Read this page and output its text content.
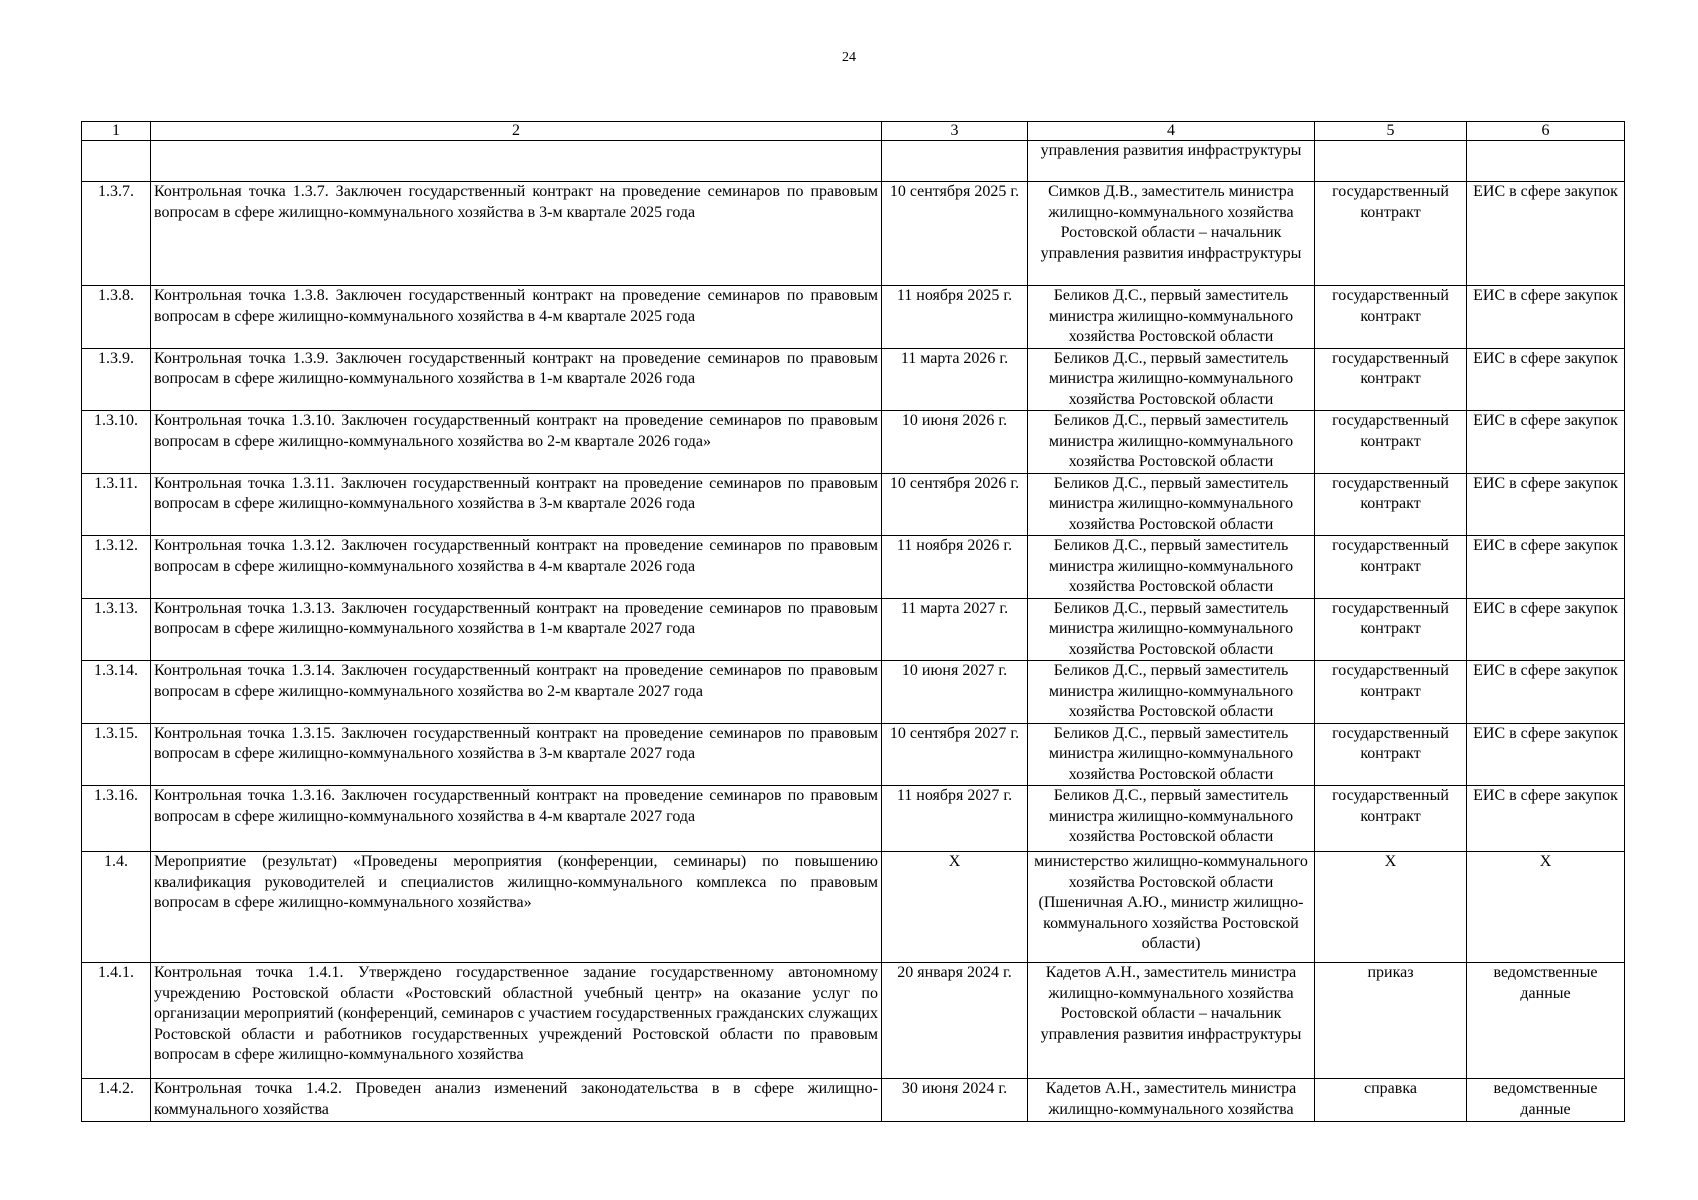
24
1	2	3	4	5	6
			управления развития инфраструктуры		
1.3.7.	Контрольная точка 1.3.7. Заключен государственный контракт на проведение семинаров по правовым вопросам в сфере жилищно-коммунального хозяйства в 3-м квартале 2025 года	10 сентября 2025 г.	Симков Д.В., заместитель министра жилищно-коммунального хозяйства Ростовской области – начальник управления развития инфраструктуры	государственный контракт	ЕИС в сфере закупок
1.3.8.	Контрольная точка 1.3.8. Заключен государственный контракт на проведение семинаров по правовым вопросам в сфере жилищно-коммунального хозяйства в 4-м квартале 2025 года	11 ноября 2025 г.	Беликов Д.С., первый заместитель министра жилищно-коммунального хозяйства Ростовской области	государственный контракт	ЕИС в сфере закупок
1.3.9.	Контрольная точка 1.3.9. Заключен государственный контракт на проведение семинаров по правовым вопросам в сфере жилищно-коммунального хозяйства в 1-м квартале 2026 года	11 марта 2026 г.	Беликов Д.С., первый заместитель министра жилищно-коммунального хозяйства Ростовской области	государственный контракт	ЕИС в сфере закупок
1.3.10.	Контрольная точка 1.3.10. Заключен государственный контракт на проведение семинаров по правовым вопросам в сфере жилищно-коммунального хозяйства во 2-м квартале 2026 года»	10 июня 2026 г.	Беликов Д.С., первый заместитель министра жилищно-коммунального хозяйства Ростовской области	государственный контракт	ЕИС в сфере закупок
1.3.11.	Контрольная точка 1.3.11. Заключен государственный контракт на проведение семинаров по правовым вопросам в сфере жилищно-коммунального хозяйства в 3-м квартале 2026 года	10 сентября 2026 г.	Беликов Д.С., первый заместитель министра жилищно-коммунального хозяйства Ростовской области	государственный контракт	ЕИС в сфере закупок
1.3.12.	Контрольная точка 1.3.12. Заключен государственный контракт на проведение семинаров по правовым вопросам в сфере жилищно-коммунального хозяйства в 4-м квартале 2026 года	11 ноября 2026 г.	Беликов Д.С., первый заместитель министра жилищно-коммунального хозяйства Ростовской области	государственный контракт	ЕИС в сфере закупок
1.3.13.	Контрольная точка 1.3.13. Заключен государственный контракт на проведение семинаров по правовым вопросам в сфере жилищно-коммунального хозяйства в 1-м квартале 2027 года	11 марта 2027 г.	Беликов Д.С., первый заместитель министра жилищно-коммунального хозяйства Ростовской области	государственный контракт	ЕИС в сфере закупок
1.3.14.	Контрольная точка 1.3.14. Заключен государственный контракт на проведение семинаров по правовым вопросам в сфере жилищно-коммунального хозяйства во 2-м квартале 2027 года	10 июня 2027 г.	Беликов Д.С., первый заместитель министра жилищно-коммунального хозяйства Ростовской области	государственный контракт	ЕИС в сфере закупок
1.3.15.	Контрольная точка 1.3.15. Заключен государственный контракт на проведение семинаров по правовым вопросам в сфере жилищно-коммунального хозяйства в 3-м квартале 2027 года	10 сентября 2027 г.	Беликов Д.С., первый заместитель министра жилищно-коммунального хозяйства Ростовской области	государственный контракт	ЕИС в сфере закупок
1.3.16.	Контрольная точка 1.3.16. Заключен государственный контракт на проведение семинаров по правовым вопросам в сфере жилищно-коммунального хозяйства в 4-м квартале 2027 года	11 ноября 2027 г.	Беликов Д.С., первый заместитель министра жилищно-коммунального хозяйства Ростовской области	государственный контракт	ЕИС в сфере закупок
1.4.	Мероприятие (результат) «Проведены мероприятия (конференции, семинары) по повышению квалификация руководителей и специалистов жилищно-коммунального комплекса по правовым вопросам в сфере жилищно-коммунального хозяйства»	Х	министерство жилищно-коммунального хозяйства Ростовской области (Пшеничная А.Ю., министр жилищно-коммунального хозяйства Ростовской области)	Х	Х
1.4.1.	Контрольная точка 1.4.1. Утверждено государственное задание государственному автономному учреждению Ростовской области «Ростовский областной учебный центр» на оказание услуг по организации мероприятий (конференций, семинаров с участием государственных гражданских служащих Ростовской области и работников государственных учреждений Ростовской области по правовым вопросам в сфере жилищно-коммунального хозяйства	20 января 2024 г.	Кадетов А.Н., заместитель министра жилищно-коммунального хозяйства Ростовской области – начальник управления развития инфраструктуры	приказ	ведомственные данные
1.4.2.	Контрольная точка 1.4.2. Проведен анализ изменений законодательства в в сфере жилищно-коммунального хозяйства	30 июня 2024 г.	Кадетов А.Н., заместитель министра жилищно-коммунального хозяйства	справка	ведомственные данные
